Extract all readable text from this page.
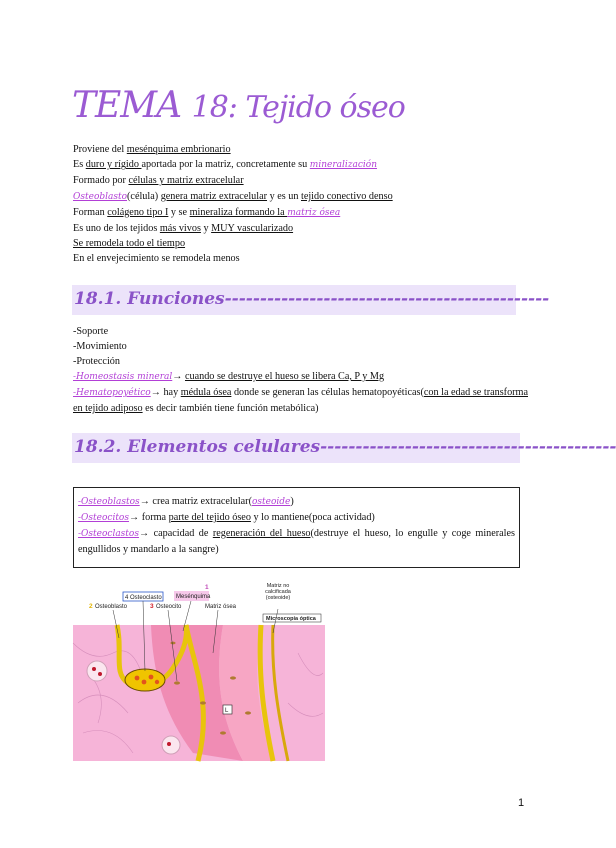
TEMA 18: Tejido óseo
Proviene del mesénquima embrionario
Es duro y rígido aportada por la matriz, concretamente su mineralización
Formado por células y matriz extracelular
Osteoblasto(célula) genera matriz extracelular y es un tejido conectivo denso
Forman colágeno tipo I y se mineraliza formando la matriz ósea
Es uno de los tejidos más vivos y MUY vascularizado
Se remodela todo el tiempo
En el envejecimiento se remodela menos
18.1. Funciones----------------------------------------------
-Soporte
-Movimiento
-Protección
-Homeostasis mineral→ cuando se destruye el hueso se libera Ca, P y Mg
-Hematopoyético→ hay médula ósea donde se generan las células hematopoyéticas(con la edad se transforma en tejido adiposo es decir también tiene función metabólica)
18.2. Elementos celulares------------------------------------------
-Osteoblastos→ crea matriz extracelular(osteoide)
-Osteocitos→ forma parte del tejido óseo y lo mantiene(poca actividad)
-Osteoclastos→ capacidad de regeneración del hueso(destruye el hueso, lo engulle y coge minerales engullidos y mandarlo a la sangre)
L
4 Osteoclasto
1
Mesénquima
2 Osteoblasto	3 Osteocito	Matriz ósea
Matriz no calcificada (osteoide)
Microscopía óptica
1
